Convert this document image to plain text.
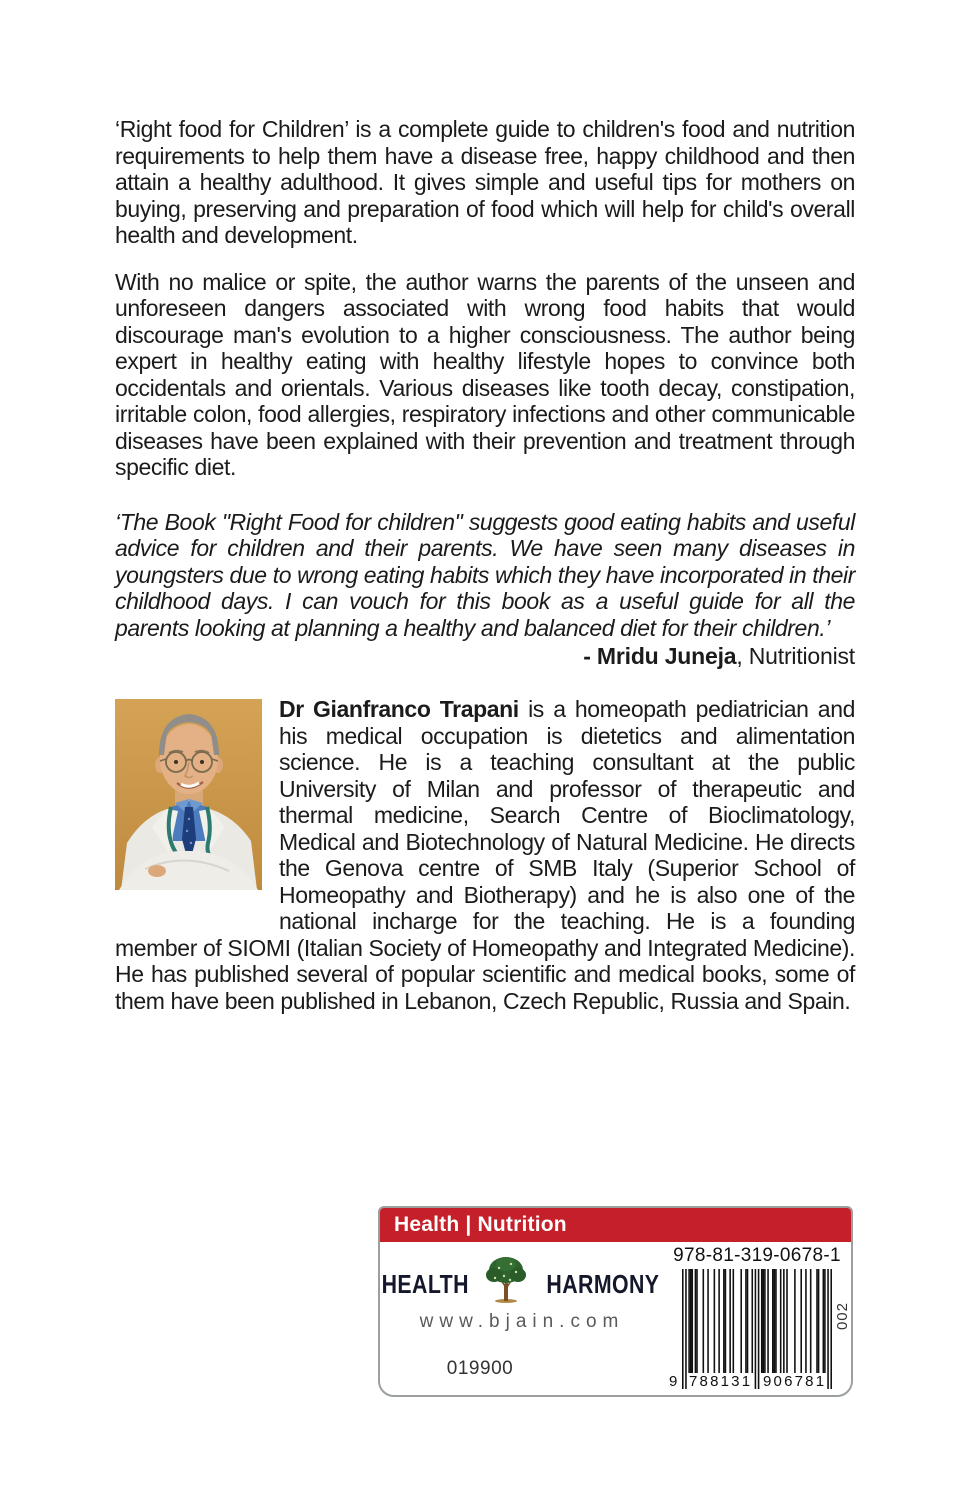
‘Right food for Children’ is a complete guide to children's food and nutrition requirements to help them have a disease free, happy childhood and then attain a healthy adulthood. It gives simple and useful tips for mothers on buying, preserving and preparation of food which will help for child's overall health and development.

With no malice or spite, the author warns the parents of the unseen and unforeseen dangers associated with wrong food habits that would discourage man's evolution to a higher consciousness. The author being expert in healthy eating with healthy lifestyle hopes to convince both occidentals and orientals. Various diseases like tooth decay, constipation, irritable colon, food allergies, respiratory infections and other communicable diseases have been explained with their prevention and treatment through specific diet.

‘The Book "Right Food for children" suggests good eating habits and useful advice for children and their parents. We have seen many diseases in youngsters due to wrong eating habits which they have incorporated in their childhood days. I can vouch for this book as a useful guide for all the parents looking at planning a healthy and balanced diet for their children.’

- Mridu Juneja, Nutritionist

Dr Gianfranco Trapani is a homeopath pediatrician and his medical occupation is dietetics and alimentation science. He is a teaching consultant at the public University of Milan and professor of therapeutic and thermal medicine, Search Centre of Bioclimatology, Medical and Biotechnology of Natural Medicine. He directs the Genova centre of SMB Italy (Superior School of Homeopathy and Biotherapy) and he is also one of the national incharge for the teaching. He is a founding member of SIOMI (Italian Society of Homeopathy and Integrated Medicine). He has published several of popular scientific and medical books, some of them have been published in Lebanon, Czech Republic, Russia and Spain.

Health | Nutrition
HEALTH	HARMONY
www.bjain.com
019900
978-81-319-0678-1
9 788131 906781
002
